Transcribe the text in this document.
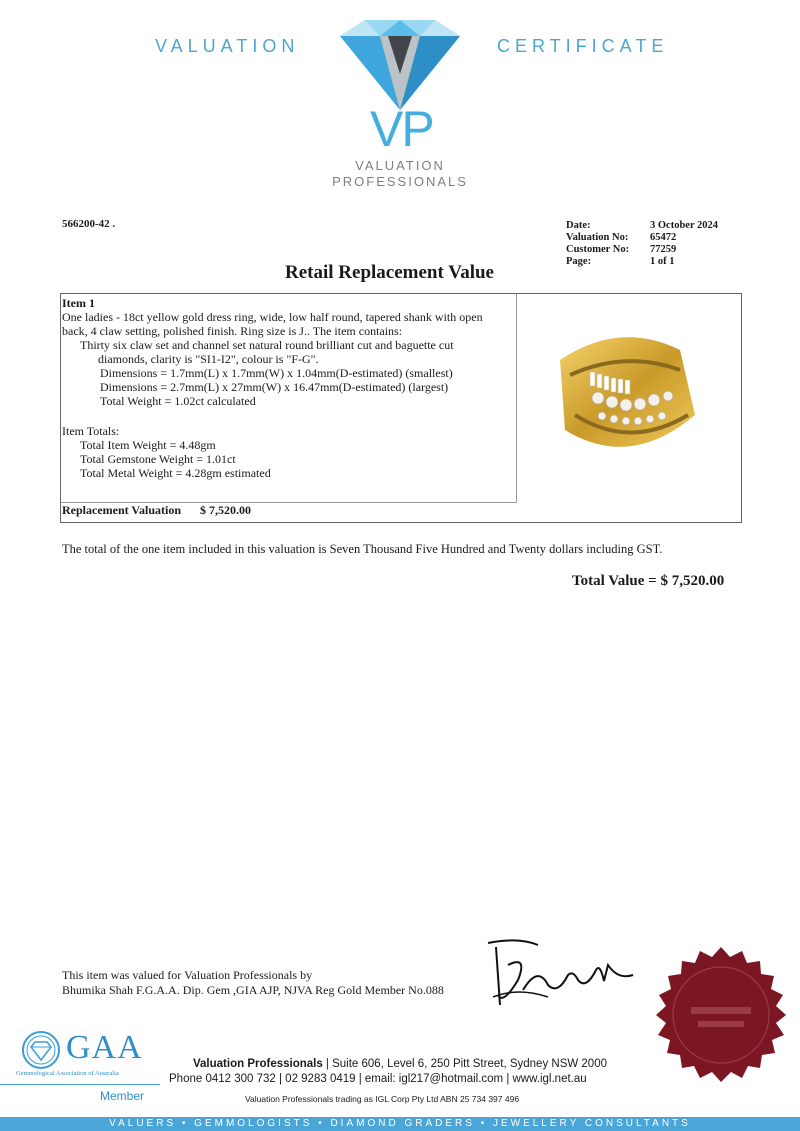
VALUATION	CERTIFICATE
VP
VALUATION
PROFESSIONALS
566200-42 .	Date:	3 October 2024
Valuation No: 65472
Customer No: 77259
Page:	1 of 1
Retail Replacement Value
Item 1
One ladies - 18ct yellow gold dress ring, wide, low half round, tapered shank with open
back, 4 claw setting, polished finish. Ring size is J.. The item contains:
Thirty six claw set and channel set natural round brilliant cut and baguette cut
diamonds, clarity is "SI1-I2", colour is "F-G".
Dimensions = 1.7mm(L) x 1.7mm(W) x 1.04mm(D-estimated) (smallest)
Dimensions = 2.7mm(L) x 27mm(W) x 16.47mm(D-estimated) (largest)
Total Weight = 1.02ct calculated
Item Totals:
Total Item Weight = 4.48gm
Total Gemstone Weight = 1.01ct
Total Metal Weight = 4.28gm estimated
Replacement Valuation $ 7,520.00
The total of the one item included in this valuation is Seven Thousand Five Hundred and Twenty dollars including GST.
Total Value = $ 7,520.00
This item was valued for Valuation Professionals by
Bhumika Shah F.G.A.A. Dip. Gem ,GIA AJP, NJVA Reg Gold Member No.088
GAA
Gemmological Association of Australia
Member
Valuation Professionals | Suite 606, Level 6, 250 Pitt Street, Sydney NSW 2000
Phone 0412 300 732 | 02 9283 0419 | email: igl217@hotmail.com | www.igl.net.au
Valuation Professionals trading as IGL Corp Pty Ltd ABN 25 734 397 496
VALUERS • GEMMOLOGISTS • DIAMOND GRADERS • JEWELLERY CONSULTANTS
